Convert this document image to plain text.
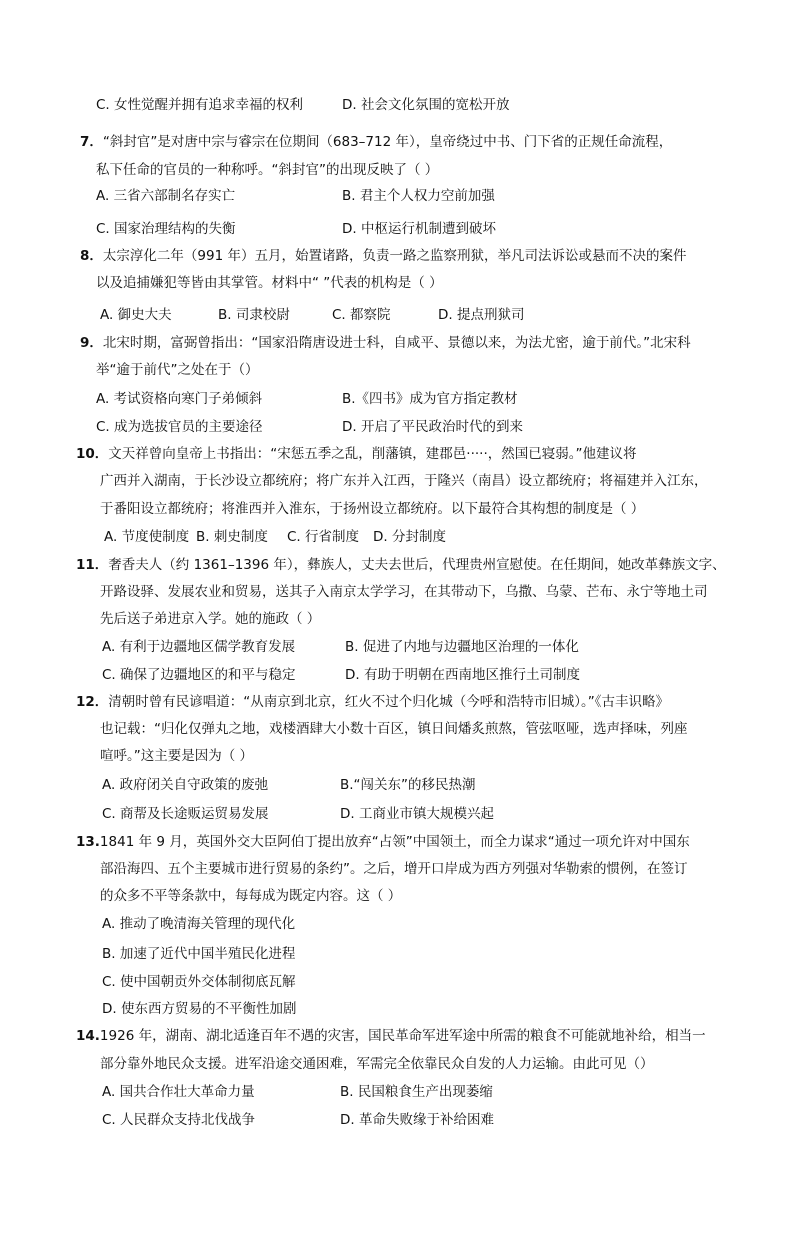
C. 女性觉醒并拥有追求幸福的权利	D. 社会文化氛围的宽松开放
7．“斜封官”是对唐中宗与睿宗在位期间（683–712 年），皇帝绕过中书、门下省的正规任命流程，
私下任命的官员的一种称呼。“斜封官”的出现反映了（ ）
A. 三省六部制名存实亡	B. 君主个人权力空前加强
C. 国家治理结构的失衡	D. 中枢运行机制遭到破坏
8．太宗淳化二年（991 年）五月，始置诸路，负责一路之监察刑狱，举凡司法诉讼或悬而不决的案件
以及追捕嫌犯等皆由其掌管。材料中“ ”代表的机构是（ ）
A. 御史大夫	B. 司隶校尉	C. 都察院	D. 提点刑狱司
9．北宋时期，富弼曾指出：“国家沿隋唐设进士科，自咸平、景德以来，为法尤密，逾于前代。”北宋科
举“逾于前代”之处在于（）
A. 考试资格向寒门子弟倾斜	B.《四书》成为官方指定教材
C. 成为选拔官员的主要途径	D. 开启了平民政治时代的到来
10．文天祥曾向皇帝上书指出：“宋惩五季之乱，削藩镇，建郡邑·····，然国已寝弱。”他建议将
广西并入湖南，于长沙设立都统府；将广东并入江西，于隆兴（南昌）设立都统府；将福建并入江东，
于番阳设立都统府；将淮西并入淮东，于扬州设立都统府。以下最符合其构想的制度是（ ）
A. 节度使制度 B. 刺史制度 C. 行省制度 D. 分封制度
11．奢香夫人（约 1361–1396 年），彝族人，丈夫去世后，代理贵州宣慰使。在任期间，她改革彝族文字、
开路设驿、发展农业和贸易，送其子入南京太学学习，在其带动下，乌撒、乌蒙、芒布、永宁等地土司
先后送子弟进京入学。她的施政（ ）
A. 有利于边疆地区儒学教育发展	B. 促进了内地与边疆地区治理的一体化
C. 确保了边疆地区的和平与稳定	D. 有助于明朝在西南地区推行土司制度
12．清朝时曾有民谚唱道：“从南京到北京，红火不过个归化城（今呼和浩特市旧城）。”《古丰识略》
也记载：“归化仅弹丸之地，戏楼酒肆大小数十百区，镇日间燔炙煎熬，管弦呕哑，选声择味，列座
喧呼。”这主要是因为（ ）
A. 政府闭关自守政策的废弛	B.“闯关东”的移民热潮
C. 商帮及长途贩运贸易发展	D. 工商业市镇大规模兴起
13.1841 年 9 月，英国外交大臣阿伯丁提出放弃“占领”中国领土，而全力谋求“通过一项允许对中国东
部沿海四、五个主要城市进行贸易的条约”。之后，增开口岸成为西方列强对华勒索的惯例，在签订
的众多不平等条款中，每每成为既定内容。这（ ）
A. 推动了晚清海关管理的现代化
B. 加速了近代中国半殖民化进程
C. 使中国朝贡外交体制彻底瓦解
D. 使东西方贸易的不平衡性加剧
14.1926 年，湖南、湖北适逢百年不遇的灾害，国民革命军进军途中所需的粮食不可能就地补给，相当一
部分靠外地民众支援。进军沿途交通困难，军需完全依靠民众自发的人力运输。由此可见（）
A. 国共合作壮大革命力量	B. 民国粮食生产出现萎缩
C. 人民群众支持北伐战争	D. 革命失败缘于补给困难
